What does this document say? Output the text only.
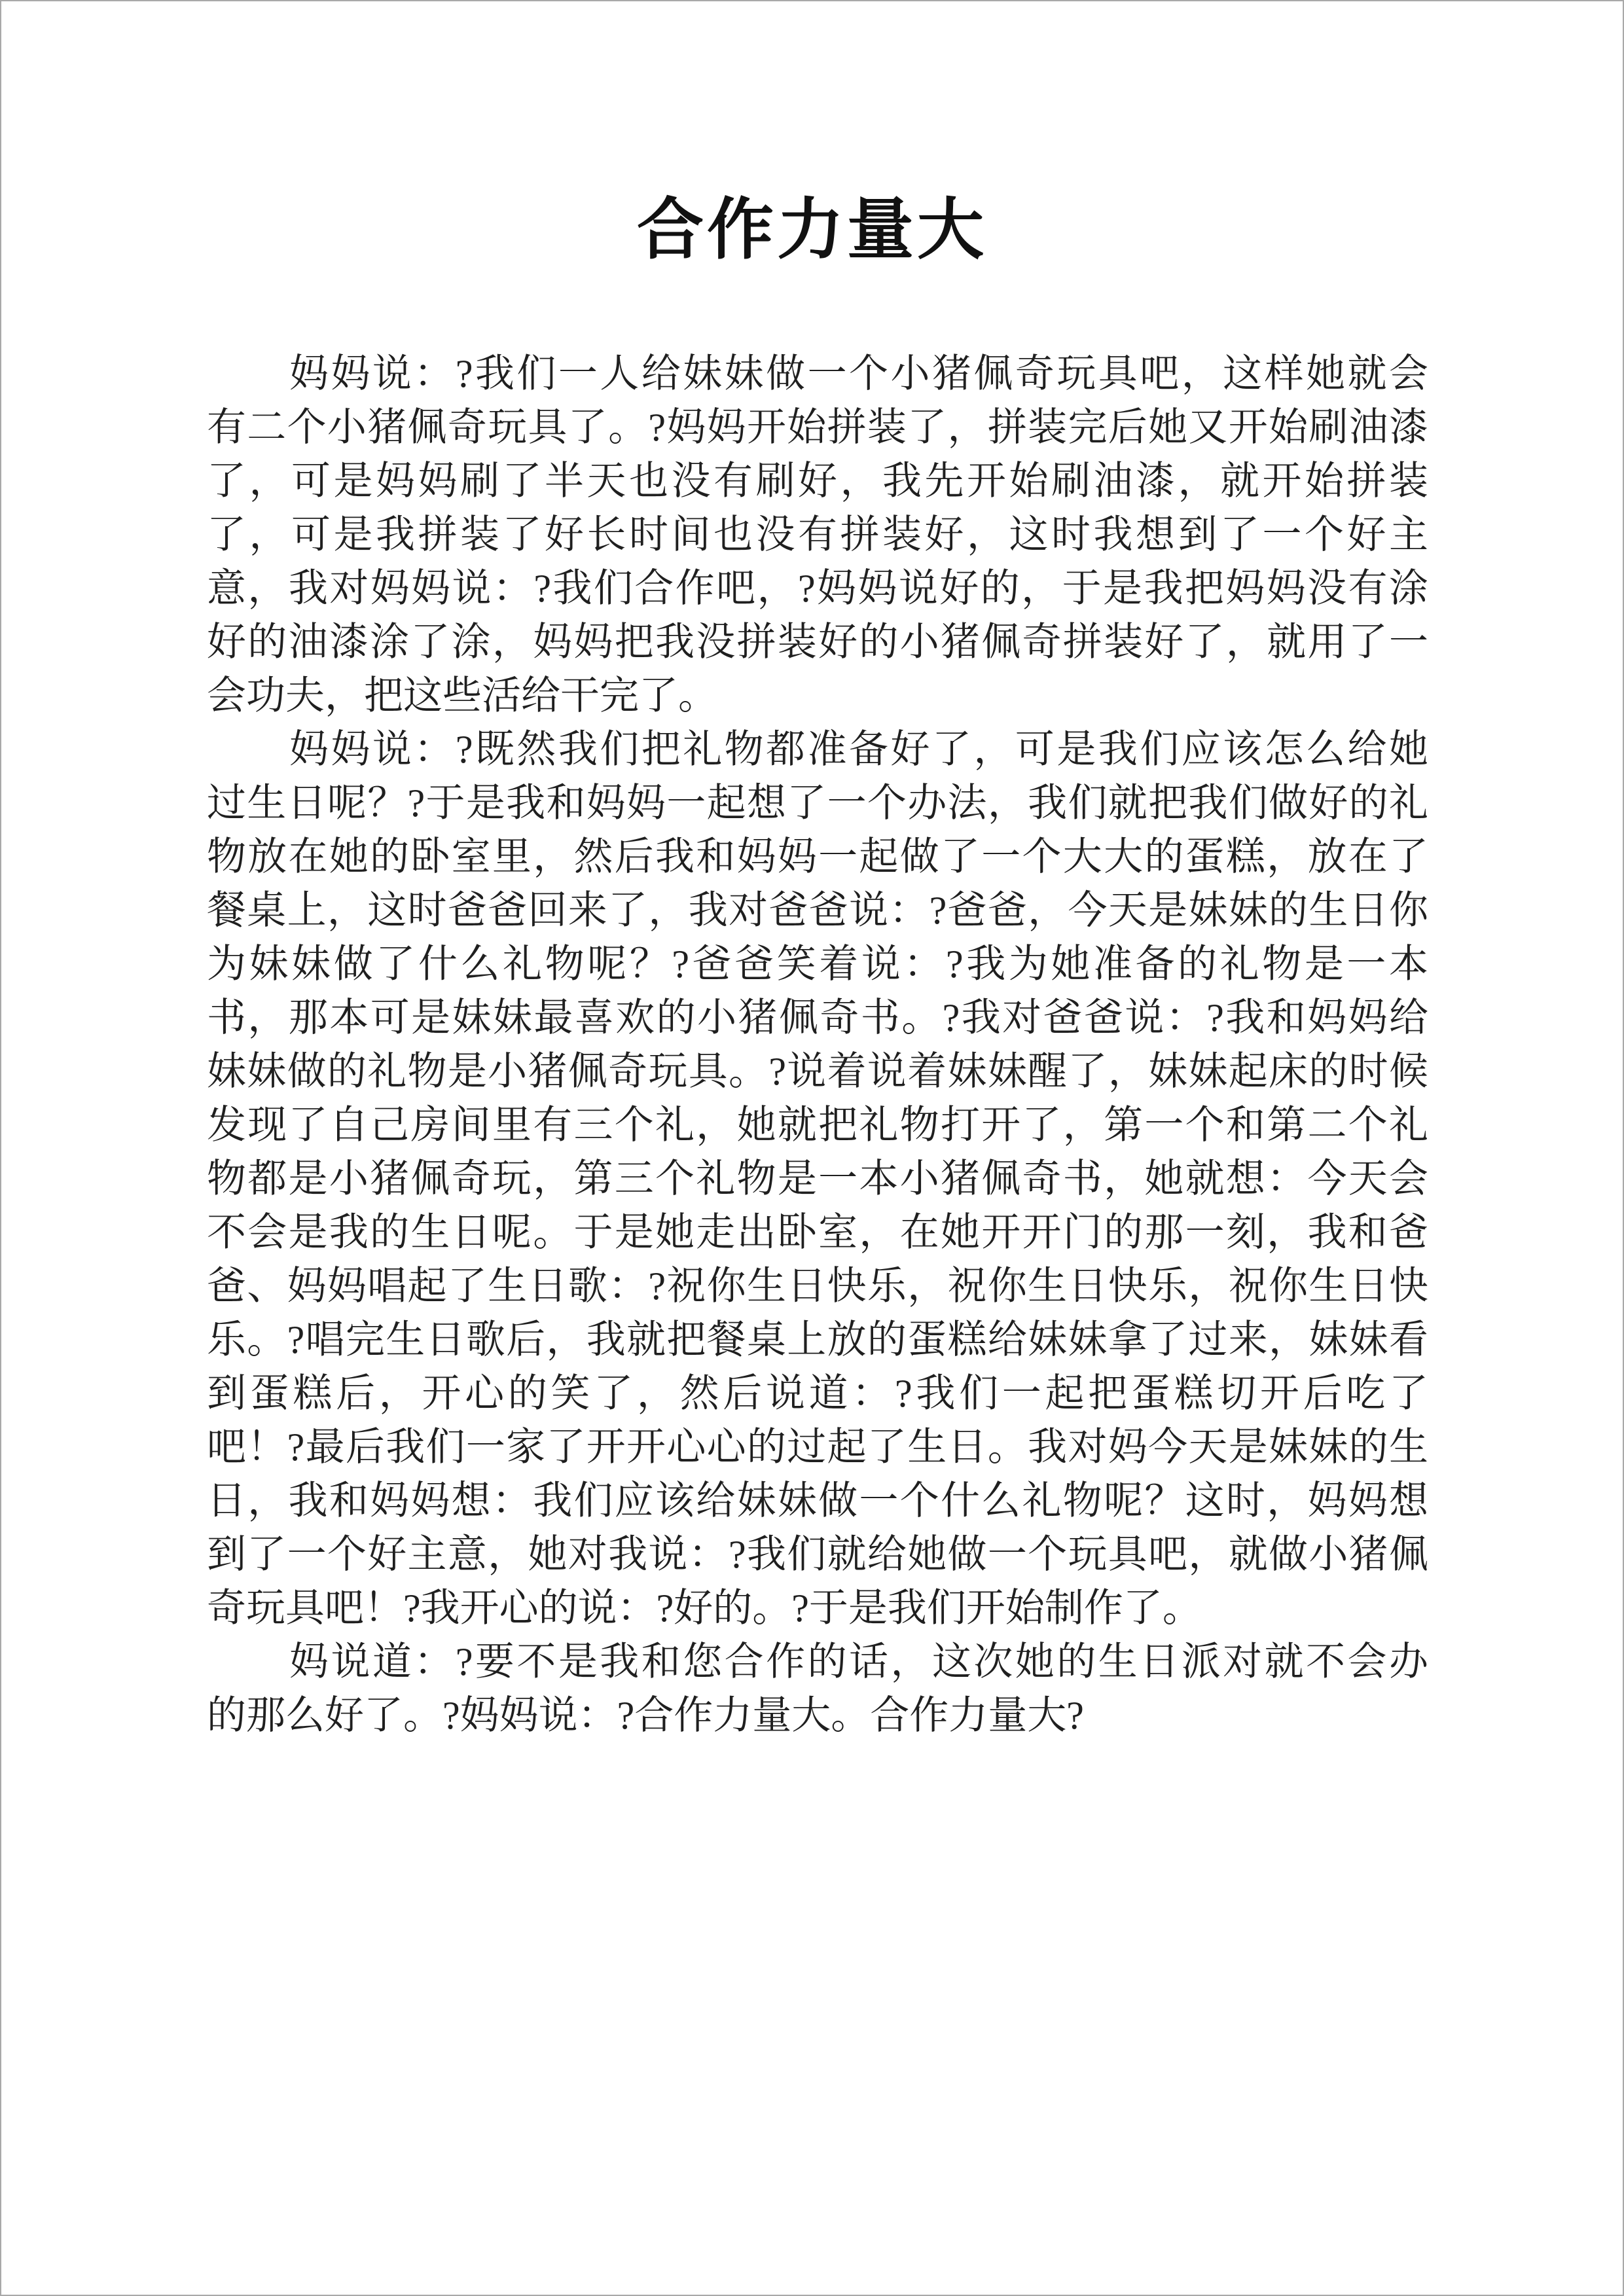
合作力量大
妈妈说：?我们一人给妹妹做一个小猪佩奇玩具吧，这样她就会
有二个小猪佩奇玩具了。?妈妈开始拼装了，拼装完后她又开始刷油漆
了，可是妈妈刷了半天也没有刷好，我先开始刷油漆，就开始拼装
了，可是我拼装了好长时间也没有拼装好，这时我想到了一个好主
意，我对妈妈说：?我们合作吧，?妈妈说好的，于是我把妈妈没有涂
好的油漆涂了涂，妈妈把我没拼装好的小猪佩奇拼装好了，就用了一
会功夫，把这些活给干完了。
妈妈说：?既然我们把礼物都准备好了，可是我们应该怎么给她
过生日呢？?于是我和妈妈一起想了一个办法，我们就把我们做好的礼
物放在她的卧室里，然后我和妈妈一起做了一个大大的蛋糕，放在了
餐桌上，这时爸爸回来了，我对爸爸说：?爸爸，今天是妹妹的生日你
为妹妹做了什么礼物呢？?爸爸笑着说：?我为她准备的礼物是一本
书，那本可是妹妹最喜欢的小猪佩奇书。?我对爸爸说：?我和妈妈给
妹妹做的礼物是小猪佩奇玩具。?说着说着妹妹醒了，妹妹起床的时候
发现了自己房间里有三个礼，她就把礼物打开了，第一个和第二个礼
物都是小猪佩奇玩，第三个礼物是一本小猪佩奇书，她就想：今天会
不会是我的生日呢。于是她走出卧室，在她开开门的那一刻，我和爸
爸、妈妈唱起了生日歌：?祝你生日快乐，祝你生日快乐，祝你生日快
乐。?唱完生日歌后，我就把餐桌上放的蛋糕给妹妹拿了过来，妹妹看
到蛋糕后，开心的笑了，然后说道：?我们一起把蛋糕切开后吃了
吧！?最后我们一家了开开心心的过起了生日。我对妈今天是妹妹的生
日，我和妈妈想：我们应该给妹妹做一个什么礼物呢？这时，妈妈想
到了一个好主意，她对我说：?我们就给她做一个玩具吧，就做小猪佩
奇玩具吧！?我开心的说：?好的。?于是我们开始制作了。
妈说道：?要不是我和您合作的话，这次她的生日派对就不会办
的那么好了。?妈妈说：?合作力量大。合作力量大?
